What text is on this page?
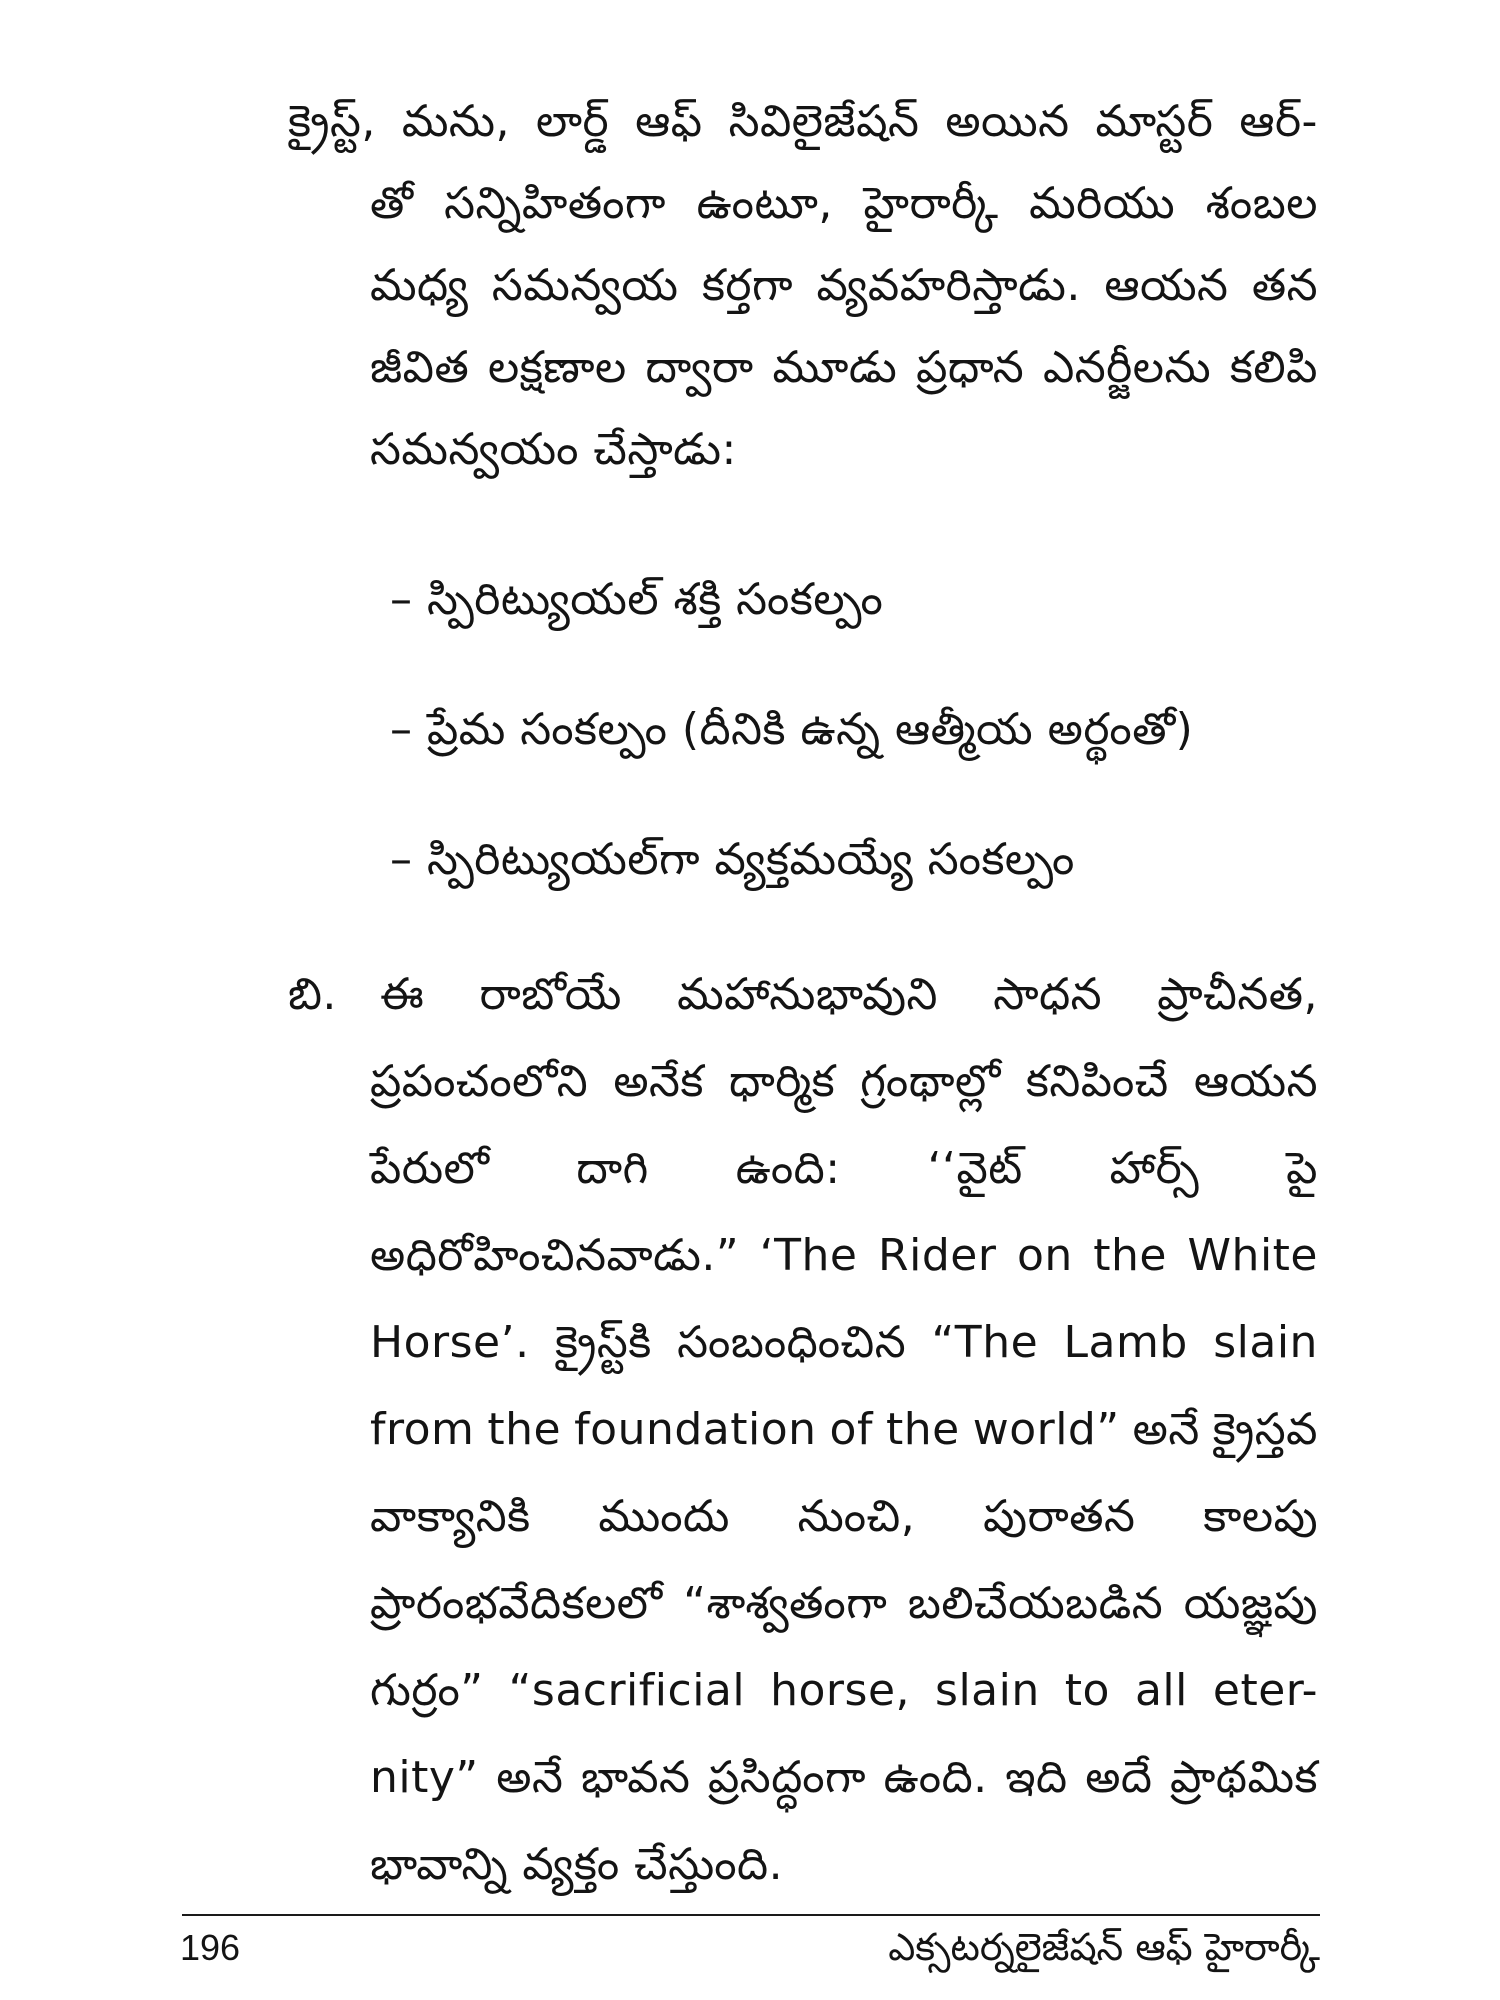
క్రైస్ట్, మను, లార్డ్ ఆఫ్ సివిలైజేషన్ అయిన మాస్టర్ ఆర్-
తో సన్నిహితంగా ఉంటూ, హైరార్కీ మరియు శంబల
మధ్య సమన్వయ కర్తగా వ్యవహరిస్తాడు. ఆయన తన
జీవిత లక్షణాల ద్వారా మూడు ప్రధాన ఎనర్జీలను కలిపి
సమన్వయం చేస్తాడు:
– స్పిరిట్యుయల్ శక్తి సంకల్పం
– ప్రేమ సంకల్పం (దీనికి ఉన్న ఆత్మీయ అర్థంతో)
– స్పిరిట్యుయల్‌గా వ్యక్తమయ్యే సంకల్పం
బి. ఈ రాబోయే మహానుభావుని సాధన ప్రాచీనత,
ప్రపంచంలోని అనేక ధార్మిక గ్రంథాల్లో కనిపించే ఆయన
పేరులో దాగి ఉంది: ‘‘వైట్ హార్స్ పై
అధిరోహించినవాడు.” ‘The Rider on the White
Horse’. క్రైస్ట్‌కి సంబంధించిన “The Lamb slain
from the foundation of the world” అనే క్రైస్తవ
వాక్యానికి ముందు నుంచి, పురాతన కాలపు
ప్రారంభవేదికలలో “శాశ్వతంగా బలిచేయబడిన యజ్ఞపు
గుర్రం” “sacrificial horse, slain to all eter-
nity” అనే భావన ప్రసిద్ధంగా ఉంది. ఇది అదే ప్రాథమిక
భావాన్ని వ్యక్తం చేస్తుంది.
196	ఎక్సటర్నలైజేషన్ ఆఫ్ హైరార్కీ
